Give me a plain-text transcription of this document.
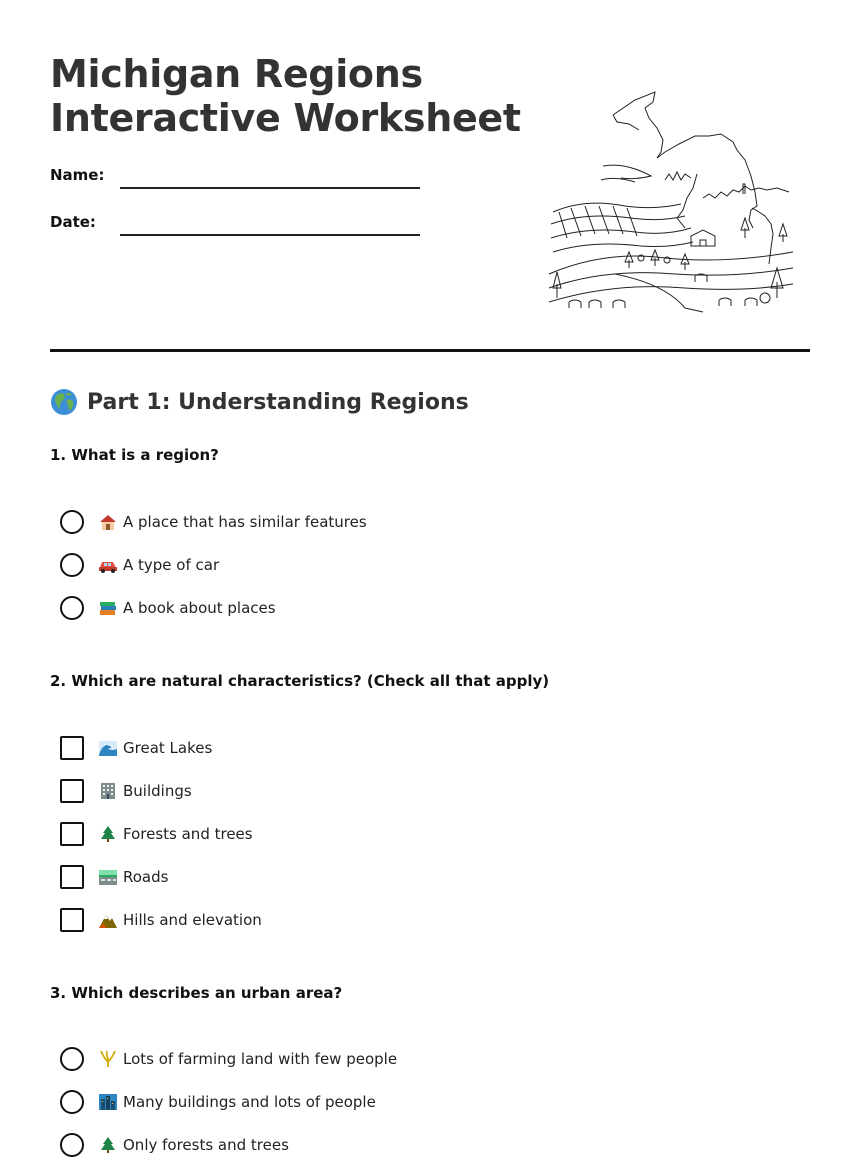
Michigan Regions
Interactive Worksheet
Name:
Date:
Part 1: Understanding Regions
1. What is a region?
A place that has similar features
A type of car
A book about places
2. Which are natural characteristics? (Check all that apply)
Great Lakes
Buildings
Forests and trees
Roads
Hills and elevation
3. Which describes an urban area?
Lots of farming land with few people
Many buildings and lots of people
Only forests and trees
